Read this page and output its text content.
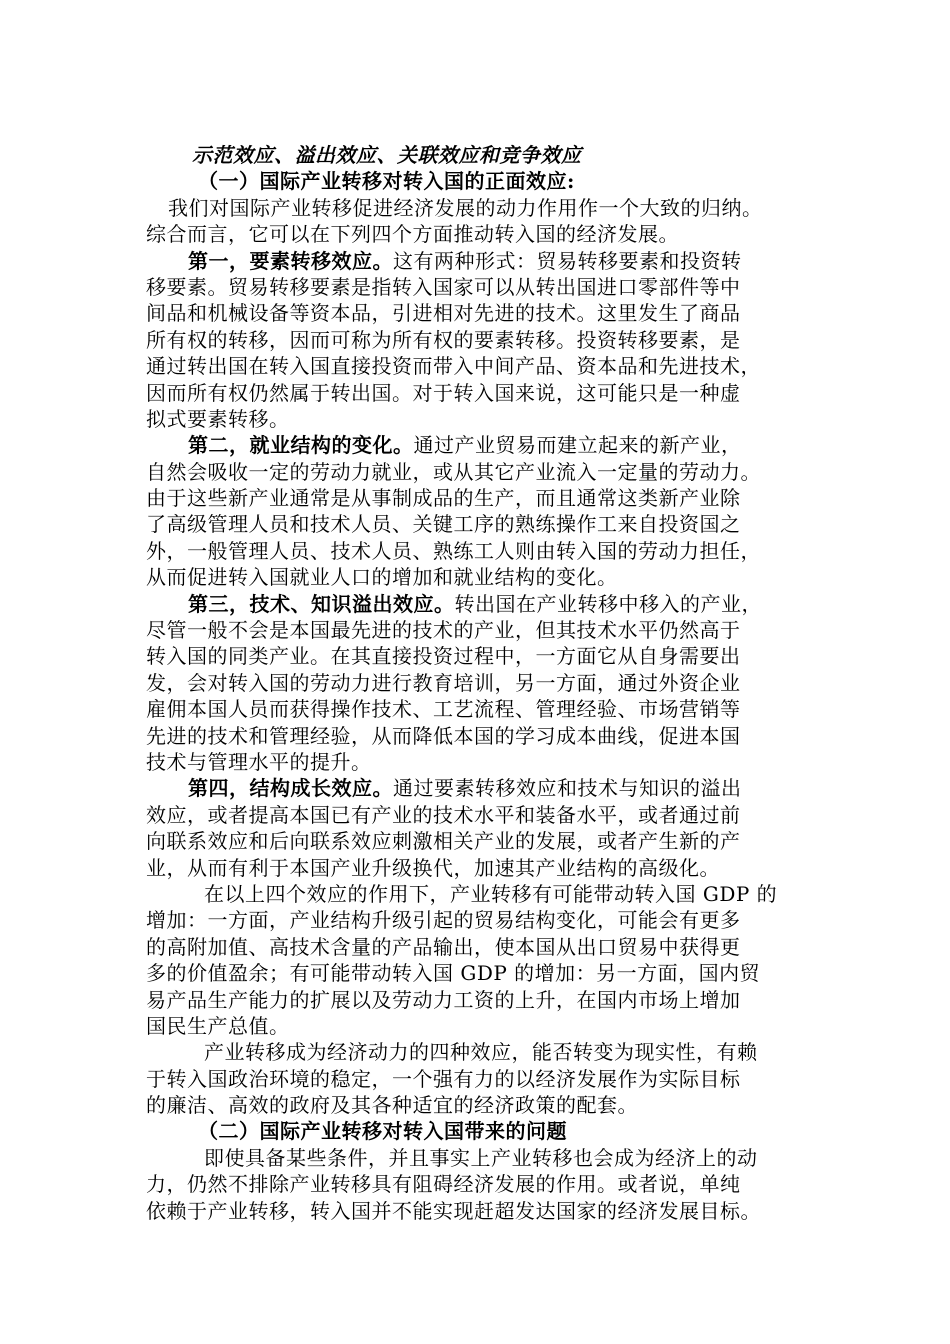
示范效应、溢出效应、关联效应和竞争效应
（一）国际产业转移对转入国的正面效应:
我们对国际产业转移促进经济发展的动力作用作一个大致的归纳。
综合而言，它可以在下列四个方面推动转入国的经济发展。
第一，要素转移效应。这有两种形式：贸易转移要素和投资转
移要素。贸易转移要素是指转入国家可以从转出国进口零部件等中
间品和机械设备等资本品，引进相对先进的技术。这里发生了商品
所有权的转移，因而可称为所有权的要素转移。投资转移要素，是
通过转出国在转入国直接投资而带入中间产品、资本品和先进技术，
因而所有权仍然属于转出国。对于转入国来说，这可能只是一种虚
拟式要素转移。
第二，就业结构的变化。通过产业贸易而建立起来的新产业，
自然会吸收一定的劳动力就业，或从其它产业流入一定量的劳动力。
由于这些新产业通常是从事制成品的生产，而且通常这类新产业除
了高级管理人员和技术人员、关键工序的熟练操作工来自投资国之
外，一般管理人员、技术人员、熟练工人则由转入国的劳动力担任，
从而促进转入国就业人口的增加和就业结构的变化。
第三，技术、知识溢出效应。转出国在产业转移中移入的产业，
尽管一般不会是本国最先进的技术的产业，但其技术水平仍然高于
转入国的同类产业。在其直接投资过程中，一方面它从自身需要出
发，会对转入国的劳动力进行教育培训，另一方面，通过外资企业
雇佣本国人员而获得操作技术、工艺流程、管理经验、市场营销等
先进的技术和管理经验，从而降低本国的学习成本曲线，促进本国
技术与管理水平的提升。
第四，结构成长效应。通过要素转移效应和技术与知识的溢出
效应，或者提高本国已有产业的技术水平和装备水平，或者通过前
向联系效应和后向联系效应刺激相关产业的发展，或者产生新的产
业，从而有利于本国产业升级换代，加速其产业结构的高级化。
在以上四个效应的作用下，产业转移有可能带动转入国 GDP 的
增加：一方面，产业结构升级引起的贸易结构变化，可能会有更多
的高附加值、高技术含量的产品输出，使本国从出口贸易中获得更
多的价值盈余；有可能带动转入国 GDP 的增加：另一方面，国内贸
易产品生产能力的扩展以及劳动力工资的上升，在国内市场上增加
国民生产总值。
产业转移成为经济动力的四种效应，能否转变为现实性，有赖
于转入国政治环境的稳定，一个强有力的以经济发展作为实际目标
的廉洁、高效的政府及其各种适宜的经济政策的配套。
（二）国际产业转移对转入国带来的问题
即使具备某些条件，并且事实上产业转移也会成为经济上的动
力，仍然不排除产业转移具有阻碍经济发展的作用。或者说，单纯
依赖于产业转移，转入国并不能实现赶超发达国家的经济发展目标。
